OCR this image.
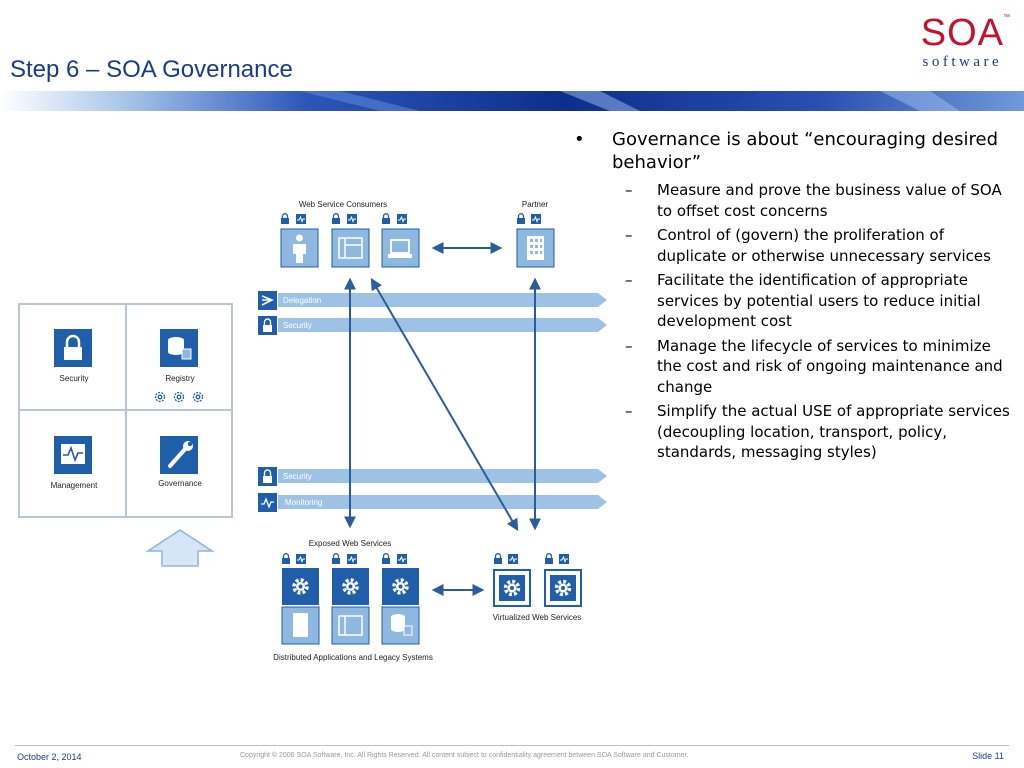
Step 6 – SOA Governance
SOA ™
software
• Governance is about “encouraging desired behavior”
– Measure and prove the business value of SOA to offset cost concerns
– Control of (govern) the proliferation of duplicate or otherwise unnecessary services
– Facilitate the identification of appropriate services by potential users to reduce initial development cost
– Manage the lifecycle of services to minimize the cost and risk of ongoing maintenance and change
– Simplify the actual USE of appropriate services (decoupling location, transport, policy, standards, messaging styles)
Security	Registry
Management	Governance
Web Service Consumers	Partner
Delegation
Security
Security
Monitoring
Exposed Web Services
Distributed Applications and Legacy Systems
Virtualized Web Services
October 2, 2014	Copyright © 2006 SOA Software, Inc. All Rights Reserved. All content subject to confidentiality agreement between SOA Software and Customer.	Slide 11
